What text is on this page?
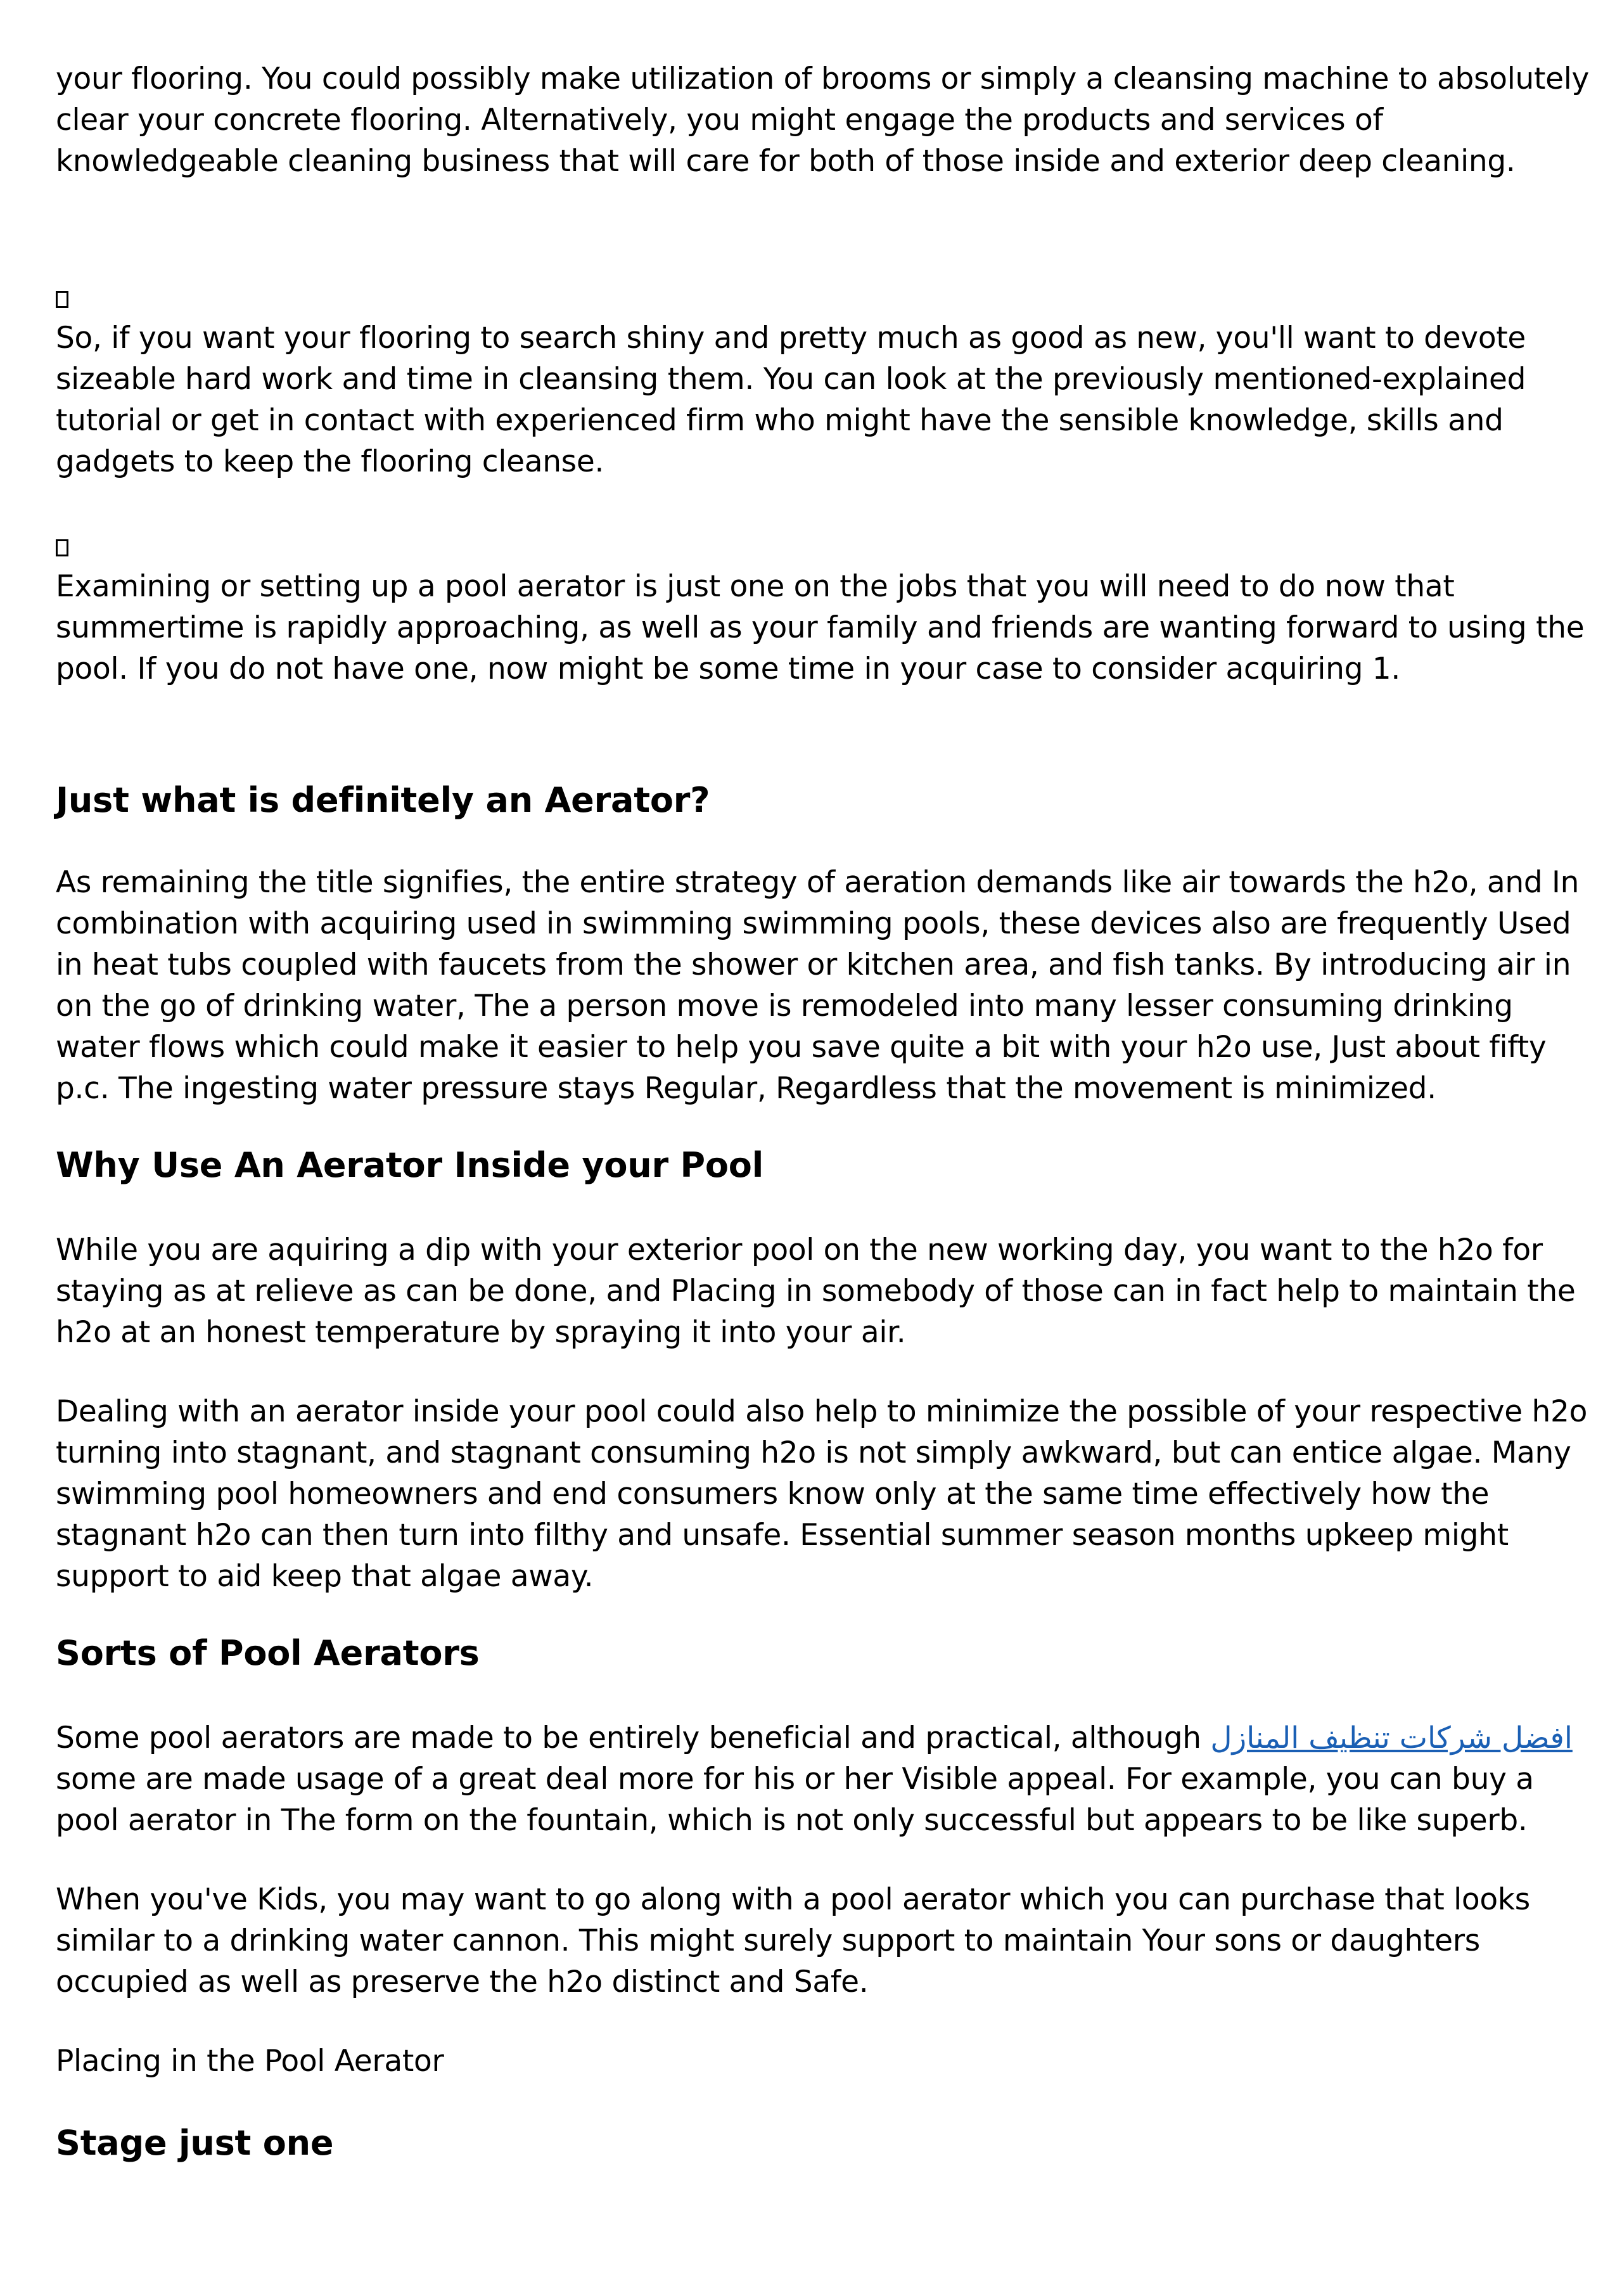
your flooring. You could possibly make utilization of brooms or simply a cleansing machine to absolutely clear your concrete flooring. Alternatively, you might engage the products and services of knowledgeable cleaning business that will care for both of those inside and exterior deep cleaning.

So, if you want your flooring to search shiny and pretty much as good as new, you'll want to devote sizeable hard work and time in cleansing them. You can look at the previously mentioned-explained tutorial or get in contact with experienced firm who might have the sensible knowledge, skills and gadgets to keep the flooring cleanse.

Examining or setting up a pool aerator is just one on the jobs that you will need to do now that summertime is rapidly approaching, as well as your family and friends are wanting forward to using the pool. If you do not have one, now might be some time in your case to consider acquiring 1.

Just what is definitely an Aerator?

As remaining the title signifies, the entire strategy of aeration demands like air towards the h2o, and In combination with acquiring used in swimming swimming pools, these devices also are frequently Used in heat tubs coupled with faucets from the shower or kitchen area, and fish tanks. By introducing air in on the go of drinking water, The a person move is remodeled into many lesser consuming drinking water flows which could make it easier to help you save quite a bit with your h2o use, Just about fifty p.c. The ingesting water pressure stays Regular, Regardless that the movement is minimized.

Why Use An Aerator Inside your Pool

While you are aquiring a dip with your exterior pool on the new working day, you want to the h2o for staying as at relieve as can be done, and Placing in somebody of those can in fact help to maintain the h2o at an honest temperature by spraying it into your air.

Dealing with an aerator inside your pool could also help to minimize the possible of your respective h2o turning into stagnant, and stagnant consuming h2o is not simply awkward, but can entice algae. Many swimming pool homeowners and end consumers know only at the same time effectively how the stagnant h2o can then turn into filthy and unsafe. Essential summer season months upkeep might support to aid keep that algae away.

Sorts of Pool Aerators

Some pool aerators are made to be entirely beneficial and practical, although افضل شركات تنظيف المنازل some are made usage of a great deal more for his or her Visible appeal. For example, you can buy a pool aerator in The form on the fountain, which is not only successful but appears to be like superb.

When you've Kids, you may want to go along with a pool aerator which you can purchase that looks similar to a drinking water cannon. This might surely support to maintain Your sons or daughters occupied as well as preserve the h2o distinct and Safe.

Placing in the Pool Aerator

Stage just one
